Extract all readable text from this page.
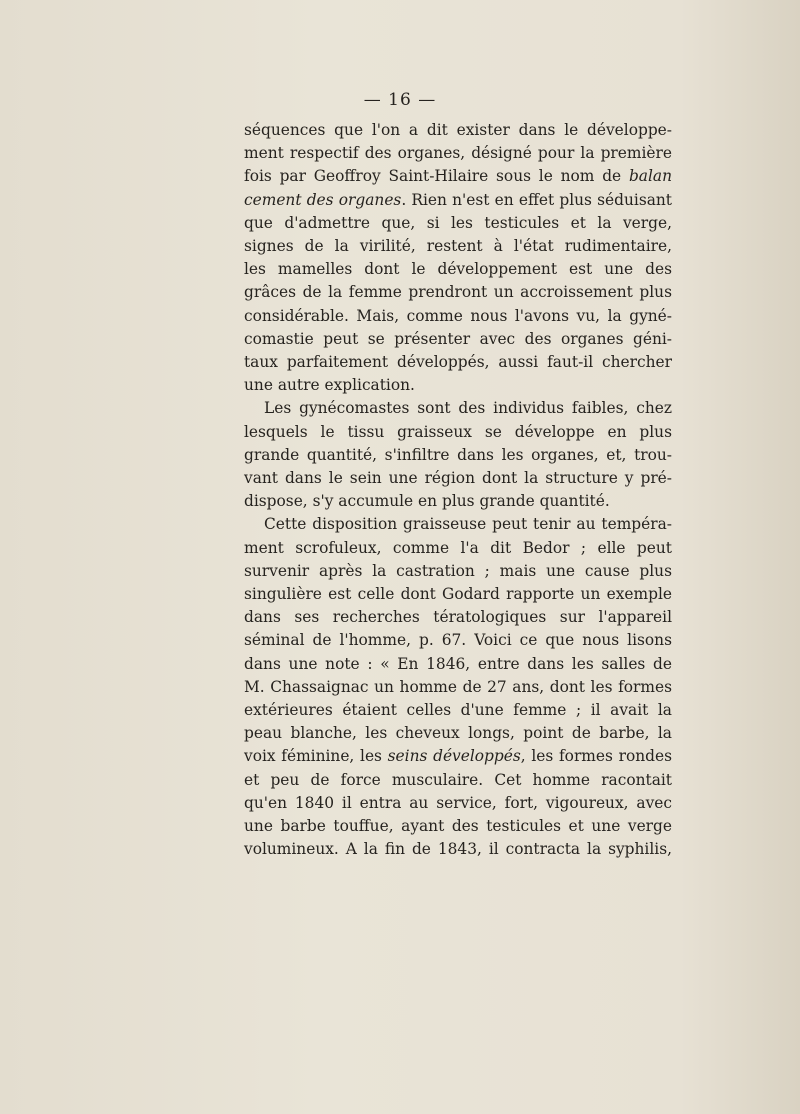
— 16 —

séquences que l'on a dit exister dans le développe-
ment respectif des organes, désigné pour la première
fois par Geoffroy Saint-Hilaire sous le nom de balan
cement des organes. Rien n'est en effet plus séduisant
que d'admettre que, si les testicules et la verge,
signes de la virilité, restent à l'état rudimentaire,
les mamelles dont le développement est une des
grâces de la femme prendront un accroissement plus
considérable. Mais, comme nous l'avons vu, la gyné-
comastie peut se présenter avec des organes géni-
taux parfaitement développés, aussi faut-il chercher
une autre explication.

Les gynécomastes sont des individus faibles, chez
lesquels le tissu graisseux se développe en plus
grande quantité, s'infiltre dans les organes, et, trou-
vant dans le sein une région dont la structure y pré-
dispose, s'y accumule en plus grande quantité.

Cette disposition graisseuse peut tenir au tempéra-
ment scrofuleux, comme l'a dit Bedor ; elle peut
survenir après la castration ; mais une cause plus
singulière est celle dont Godard rapporte un exemple
dans ses recherches tératologiques sur l'appareil
séminal de l'homme, p. 67. Voici ce que nous lisons
dans une note : « En 1846, entre dans les salles de
M. Chassaignac un homme de 27 ans, dont les formes
extérieures étaient celles d'une femme ; il avait la
peau blanche, les cheveux longs, point de barbe, la
voix féminine, les seins développés, les formes rondes
et peu de force musculaire. Cet homme racontait
qu'en 1840 il entra au service, fort, vigoureux, avec
une barbe touffue, ayant des testicules et une verge
volumineux. A la fin de 1843, il contracta la syphilis,
